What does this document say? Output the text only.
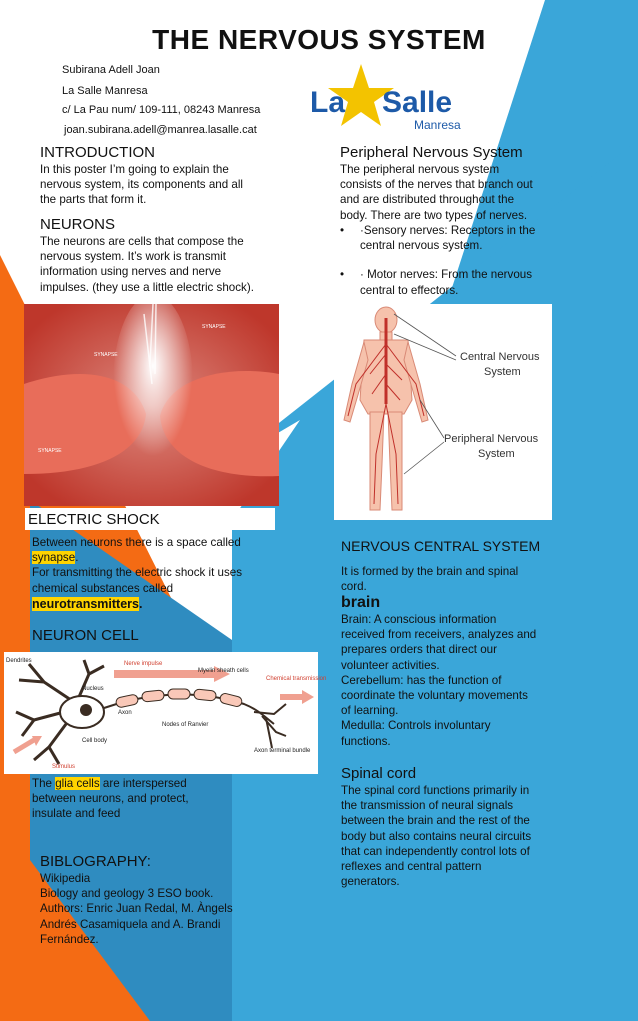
THE NERVOUS SYSTEM
Subirana Adell Joan
La Salle Manresa
c/ La Pau num/ 109-111, 08243 Manresa
joan.subirana.adell@manrea.lasalle.cat
La Salle
Manresa
INTRODUCTION
In this poster I’m going to explain the
nervous system, its components and all
the parts that form it.
NEURONS
The neurons are cells that compose the
nervous system. It’s work is transmit
information using nerves and nerve
impulses. (they use a little electric shock).
SYNAPSE
SYNAPSE
SYNAPSE
ELECTRIC SHOCK
Between neurons there is a space called
synapse.
For transmitting the electric shock it uses
chemical substances called
neurotransmitters.
NEURON CELL
Dendrites	Nerve impulse
Myelin sheath cells
Chemical transmission
Nucleus
Axon
Cell body
Nodes of Ranvier
Axon terminal bundle
Stimulus
The glia cells are interspersed
between neurons, and protect,
insulate and feed
BIBLOGRAPHY:
Wikipedia
Biology and geology 3 ESO book.
Authors: Enric Juan Redal, M. Àngels
Andrés Casamiquela and A. Brandi
Fernández.
Peripheral Nervous System
The peripheral nervous system
consists of the nerves that branch out
and are distributed throughout the
body. There are two types of nerves.
• ·Sensory nerves: Receptors in the
central nervous system.
• · Motor nerves: From the nervous
central to effectors.
Central Nervous
System
Peripheral Nervous
System
NERVOUS CENTRAL SYSTEM
It is formed by the brain and spinal
cord.
brain
Brain: A conscious information
received from receivers, analyzes and
prepares orders that direct our
volunteer activities.
Cerebellum: has the function of
coordinate the voluntary movements
of learning.
Medulla: Controls involuntary
functions.
Spinal cord
The spinal cord functions primarily in
the transmission of neural signals
between the brain and the rest of the
body but also contains neural circuits
that can independently control lots of
reflexes and central pattern
generators.
